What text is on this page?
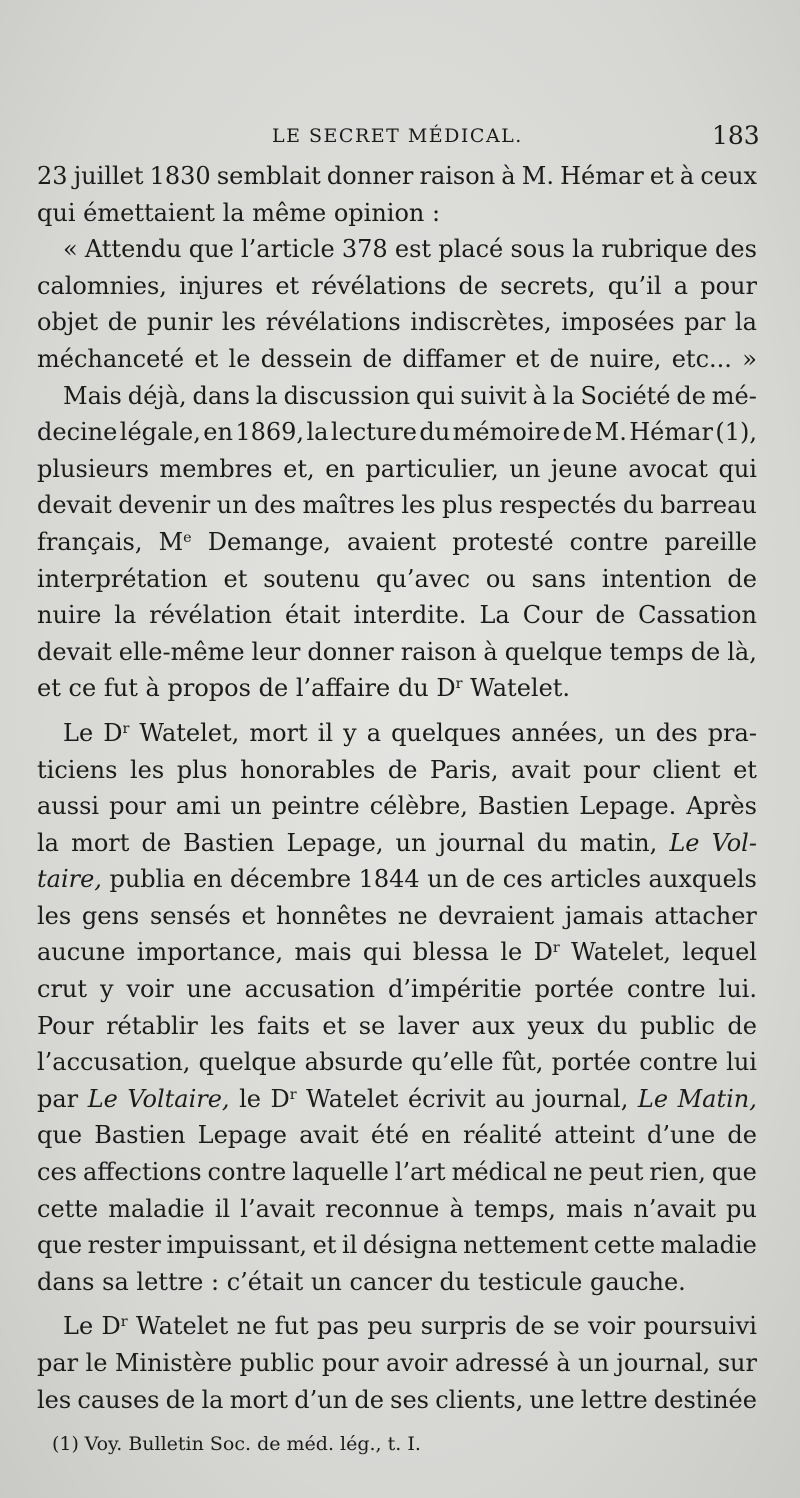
LE SECRET MÉDICAL.	183
23 juillet 1830 semblait donner raison à M. Hémar et à ceux
qui émettaient la même opinion :
« Attendu que l’article 378 est placé sous la rubrique des
calomnies, injures et révélations de secrets, qu’il a pour
objet de punir les révélations indiscrètes, imposées par la
méchanceté et le dessein de diffamer et de nuire, etc... »
Mais déjà, dans la discussion qui suivit à la Société de mé-
decine légale, en 1869, la lecture du mémoire de M. Hémar (1),
plusieurs membres et, en particulier, un jeune avocat qui
devait devenir un des maîtres les plus respectés du barreau
français, Me Demange, avaient protesté contre pareille
interprétation et soutenu qu’avec ou sans intention de
nuire la révélation était interdite. La Cour de Cassation
devait elle-même leur donner raison à quelque temps de là,
et ce fut à propos de l’affaire du $D^r$ Watelet.
Le $D^r$ Watelet, mort il y a quelques années, un des pra-
ticiens les plus honorables de Paris, avait pour client et
aussi pour ami un peintre célèbre, Bastien Lepage. Après
la mort de Bastien Lepage, un journal du matin, Le Vol-
taire, publia en décembre 1844 un de ces articles auxquels
les gens sensés et honnêtes ne devraient jamais attacher
aucune importance, mais qui blessa le $D^r$ Watelet, lequel
crut y voir une accusation d’impéritie portée contre lui.
Pour rétablir les faits et se laver aux yeux du public de
l’accusation, quelque absurde qu’elle fût, portée contre lui
par Le Voltaire, le $D^r$ Watelet écrivit au journal, Le Matin,
que Bastien Lepage avait été en réalité atteint d’une de
ces affections contre laquelle l’art médical ne peut rien, que
cette maladie il l’avait reconnue à temps, mais n’avait pu
que rester impuissant, et il désigna nettement cette maladie
dans sa lettre : c’était un cancer du testicule gauche.
Le $D^r$ Watelet ne fut pas peu surpris de se voir poursuivi
par le Ministère public pour avoir adressé à un journal, sur
les causes de la mort d’un de ses clients, une lettre destinée
(1) Voy. Bulletin Soc. de méd. lég., t. I.
